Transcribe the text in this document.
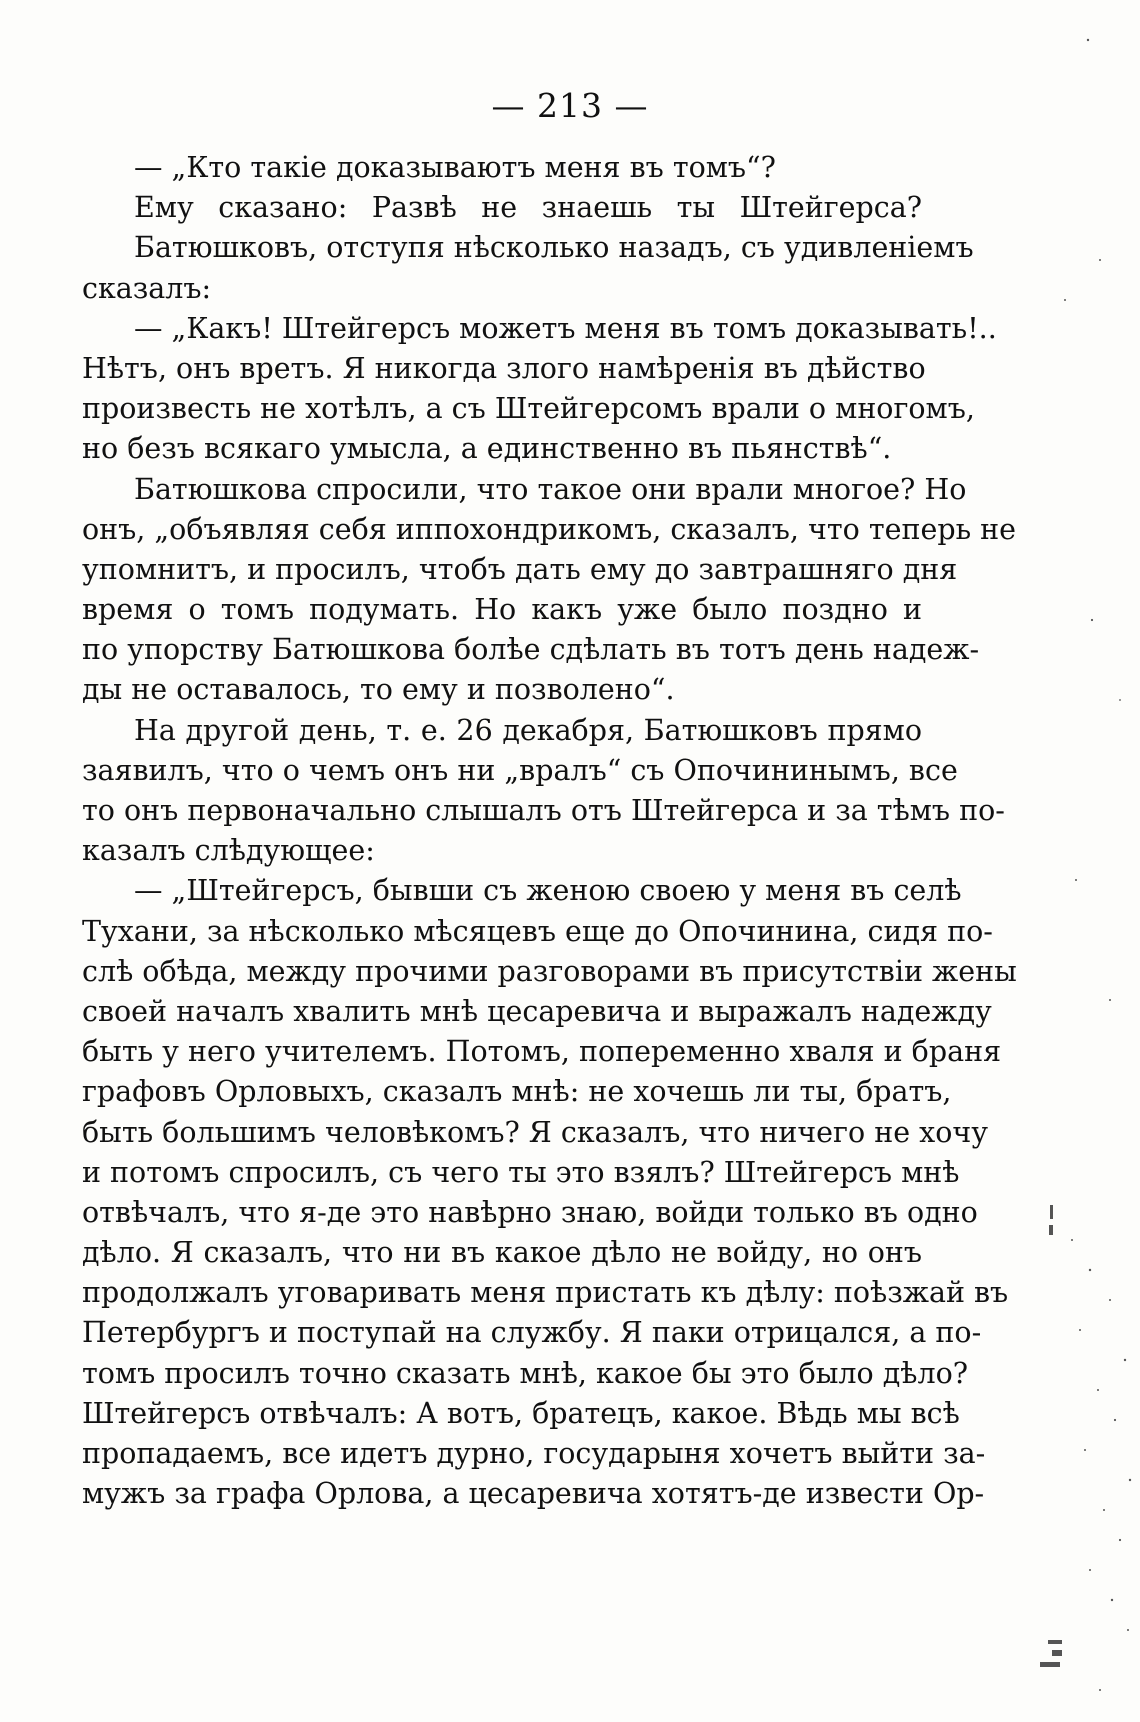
— 213 —
— „Кто такіе доказываютъ меня въ томъ“?
Ему сказано: Развѣ не знаешь ты Штейгерса?
Батюшковъ, отступя нѣсколько назадъ, съ удивленіемъ
сказалъ:
— „Какъ! Штейгерсъ можетъ меня въ томъ доказывать!..
Нѣтъ, онъ вретъ. Я никогда злого намѣренія въ дѣйство
произвесть не хотѣлъ, а съ Штейгерсомъ врали о многомъ,
но безъ всякаго умысла, а единственно въ пьянствѣ“.
Батюшкова спросили, что такое они врали многое? Но
онъ, „объявляя себя иппохондрикомъ, сказалъ, что теперь не
упомнитъ, и просилъ, чтобъ дать ему до завтрашняго дня
время о томъ подумать. Но какъ уже было поздно и
по упорству Батюшкова болѣе сдѣлать въ тотъ день надеж-
ды не оставалось, то ему и позволено“.
На другой день, т. е. 26 декабря, Батюшковъ прямо
заявилъ, что о чемъ онъ ни „вралъ“ съ Опочининымъ, все
то онъ первоначально слышалъ отъ Штейгерса и за тѣмъ по-
казалъ слѣдующее:
— „Штейгерсъ, бывши съ женою своею у меня въ селѣ
Тухани, за нѣсколько мѣсяцевъ еще до Опочинина, сидя по-
слѣ обѣда, между прочими разговорами въ присутствіи жены
своей началъ хвалить мнѣ цесаревича и выражалъ надежду
быть у него учителемъ. Потомъ, попеременно хваля и браня
графовъ Орловыхъ, сказалъ мнѣ: не хочешь ли ты, братъ,
быть большимъ человѣкомъ? Я сказалъ, что ничего не хочу
и потомъ спросилъ, съ чего ты это взялъ? Штейгерсъ мнѣ
отвѣчалъ, что я-де это навѣрно знаю, войди только въ одно
дѣло. Я сказалъ, что ни въ какое дѣло не войду, но онъ
продолжалъ уговаривать меня пристать къ дѣлу: поѣзжай въ
Петербургъ и поступай на службу. Я паки отрицался, а по-
томъ просилъ точно сказать мнѣ, какое бы это было дѣло?
Штейгерсъ отвѣчалъ: А вотъ, братецъ, какое. Вѣдь мы всѣ
пропадаемъ, все идетъ дурно, государыня хочетъ выйти за-
мужъ за графа Орлова, а цесаревича хотятъ-де извести Ор-
